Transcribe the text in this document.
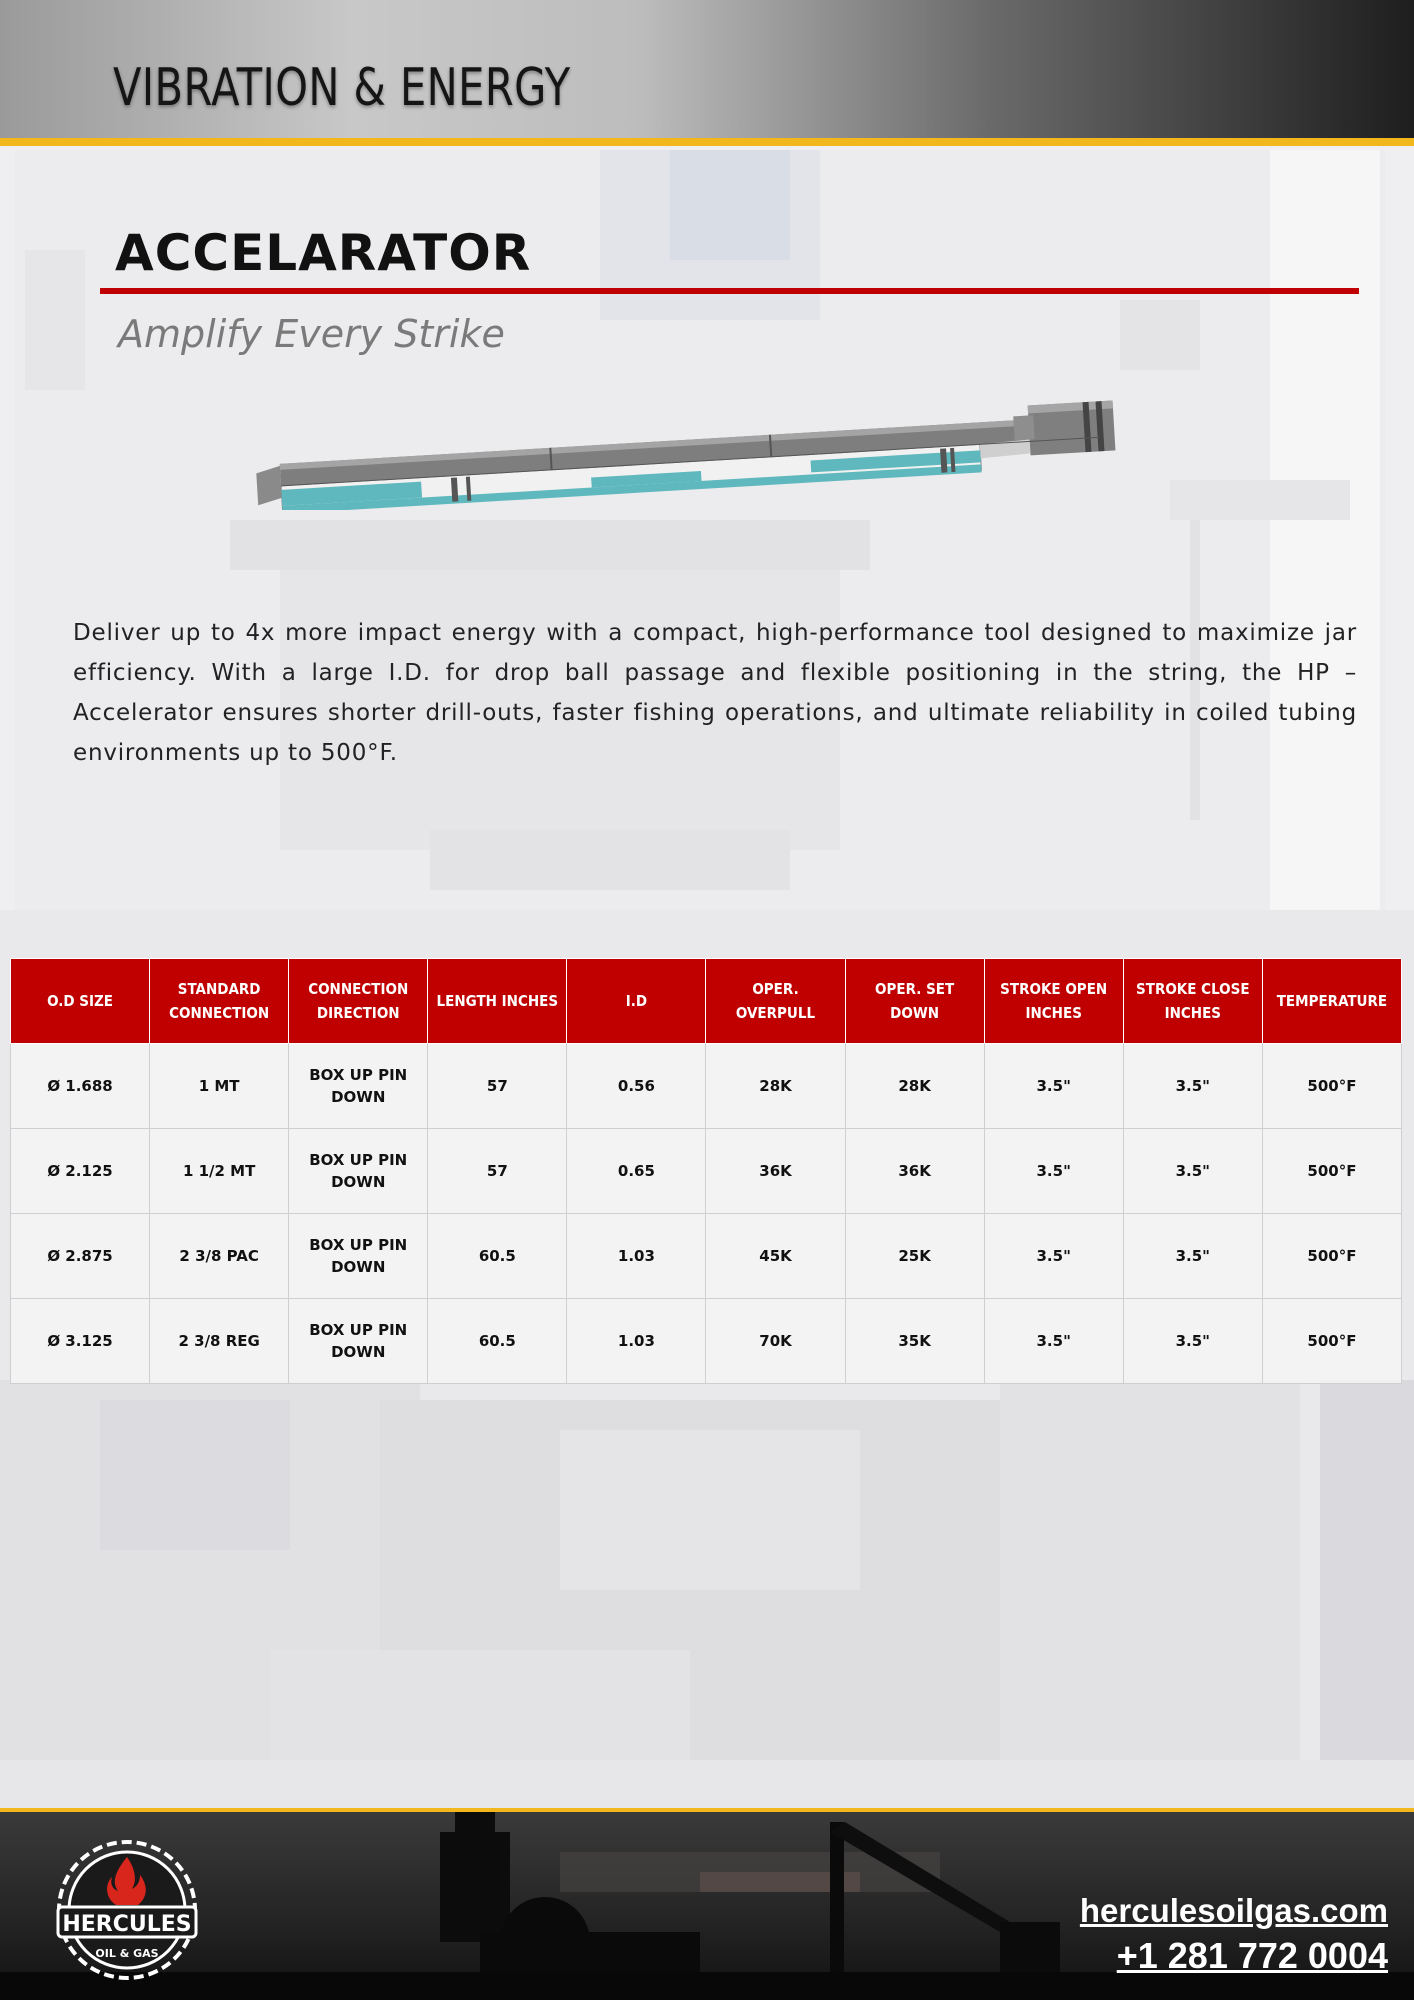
VIBRATION & ENERGY
ACCELARATOR
Amplify Every Strike
Deliver up to 4x more impact energy with a compact, high-performance tool designed to maximize jar efficiency. With a large I.D. for drop ball passage and flexible positioning in the string, the HP – Accelerator ensures shorter drill-outs, faster fishing operations, and ultimate reliability in coiled tubing environments up to 500°F.
O.D SIZE	STANDARD CONNECTION	CONNECTION DIRECTION	LENGTH INCHES	I.D	OPER. OVERPULL	OPER. SET DOWN	STROKE OPEN INCHES	STROKE CLOSE INCHES	TEMPERATURE
Ø 1.688	1 MT	BOX UP PIN DOWN	57	0.56	28K	28K	3.5"	3.5"	500°F
Ø 2.125	1 1/2 MT	BOX UP PIN DOWN	57	0.65	36K	36K	3.5"	3.5"	500°F
Ø 2.875	2 3/8 PAC	BOX UP PIN DOWN	60.5	1.03	45K	25K	3.5"	3.5"	500°F
Ø 3.125	2 3/8 REG	BOX UP PIN DOWN	60.5	1.03	70K	35K	3.5"	3.5"	500°F
HERCULES
OIL & GAS
herculesoilgas.com
+1 281 772 0004
